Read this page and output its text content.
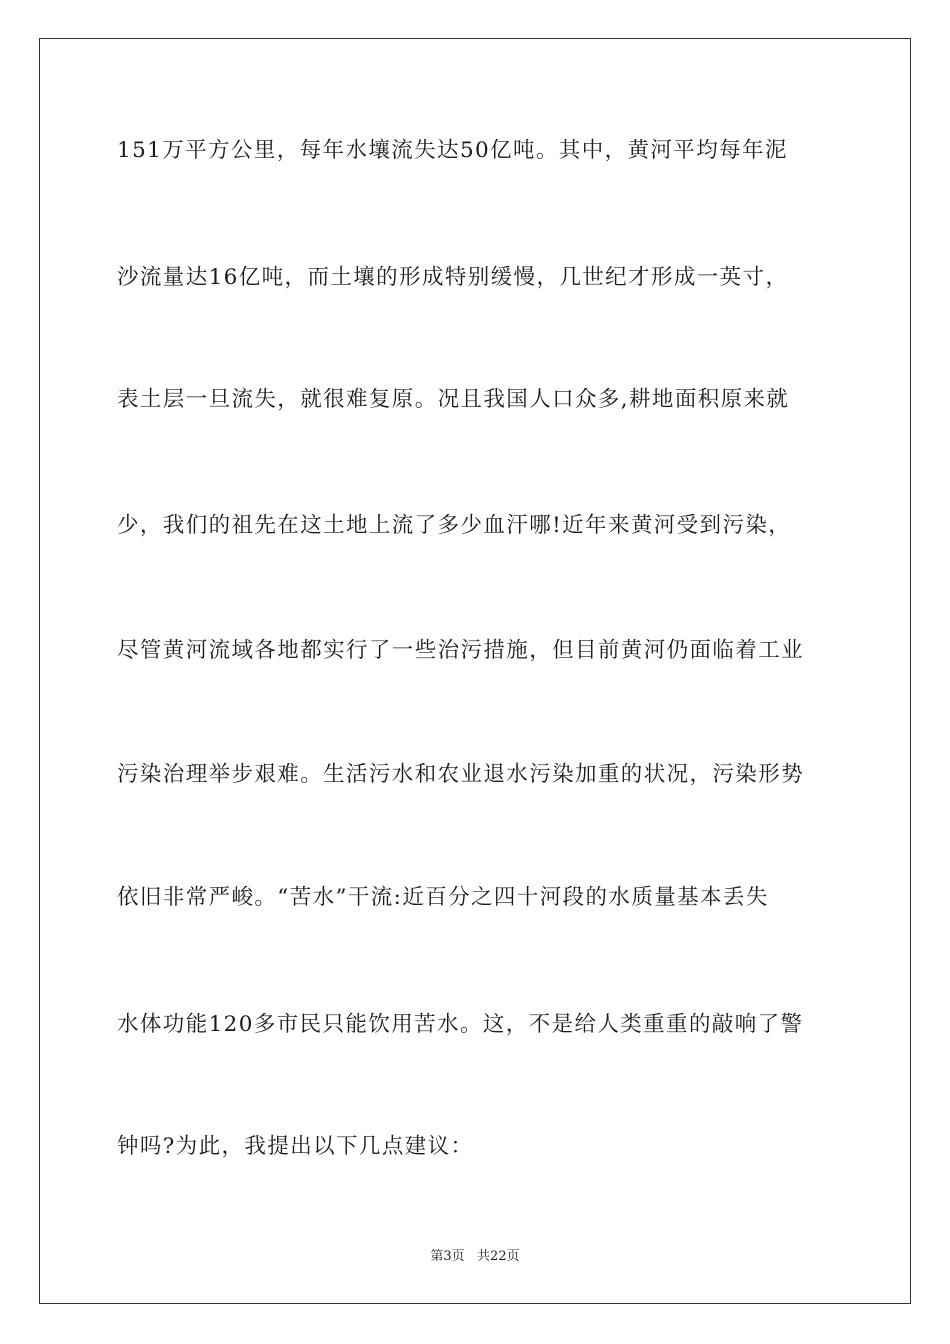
151万平方公里，每年水壤流失达50亿吨。其中，黄河平均每年泥
沙流量达16亿吨，而土壤的形成特别缓慢，几世纪才形成一英寸，
表土层一旦流失，就很难复原。况且我国人口众多,耕地面积原来就
少，我们的祖先在这土地上流了多少血汗哪!近年来黄河受到污染，
尽管黄河流域各地都实行了一些治污措施，但目前黄河仍面临着工业
污染治理举步艰难。生活污水和农业退水污染加重的状况，污染形势
依旧非常严峻。“苦水”干流:近百分之四十河段的水质量基本丢失
水体功能120多市民只能饮用苦水。这，不是给人类重重的敲响了警
钟吗?为此，我提出以下几点建议：
第3页   共22页
